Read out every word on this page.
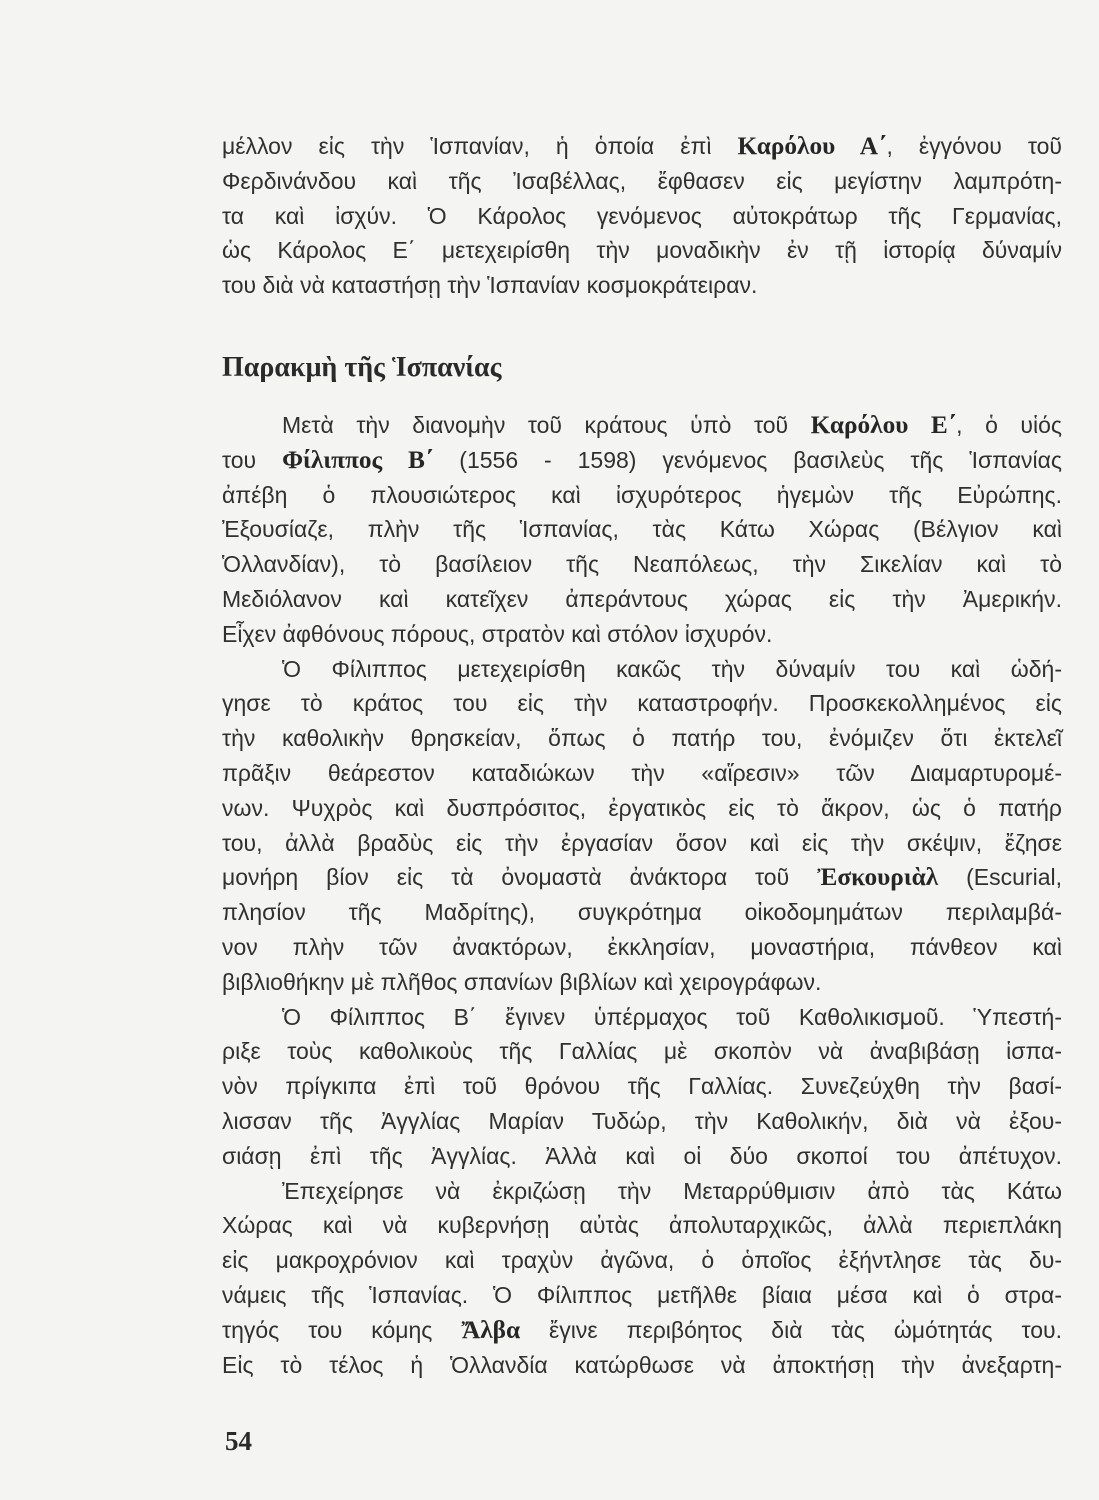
μέλλον εἰς τὴν Ἱσπανίαν, ἡ ὁποία ἐπὶ Καρόλου Α΄, ἐγγόνου τοῦ
Φερδινάνδου καὶ τῆς Ἰσαβέλλας, ἔφθασεν εἰς μεγίστην λαμπρότη-
τα καὶ ἰσχύν. Ὁ Κάρολος γενόμενος αὐτοκράτωρ τῆς Γερμανίας,
ὡς Κάρολος Ε΄ μετεχειρίσθη τὴν μοναδικὴν ἐν τῇ ἱστορίᾳ δύναμίν
του διὰ νὰ καταστήσῃ τὴν Ἱσπανίαν κοσμοκράτειραν.
Παρακμὴ τῆς Ἱσπανίας
Μετὰ τὴν διανομὴν τοῦ κράτους ὑπὸ τοῦ Καρόλου Ε΄, ὁ υἱός
του Φίλιππος Β΄ (1556 - 1598) γενόμενος βασιλεὺς τῆς Ἱσπανίας
ἀπέβη ὁ πλουσιώτερος καὶ ἰσχυρότερος ἡγεμὼν τῆς Εὐρώπης.
Ἐξουσίαζε, πλὴν τῆς Ἱσπανίας, τὰς Κάτω Χώρας (Βέλγιον καὶ
Ὁλλανδίαν), τὸ βασίλειον τῆς Νεαπόλεως, τὴν Σικελίαν καὶ τὸ
Μεδιόλανον καὶ κατεῖχεν ἀπεράντους χώρας εἰς τὴν Ἀμερικήν.
Εἶχεν ἀφθόνους πόρους, στρατὸν καὶ στόλον ἰσχυρόν.
Ὁ Φίλιππος μετεχειρίσθη κακῶς τὴν δύναμίν του καὶ ὡδή-
γησε τὸ κράτος του εἰς τὴν καταστροφήν. Προσκεκολλημένος εἰς
τὴν καθολικὴν θρησκείαν, ὅπως ὁ πατήρ του, ἐνόμιζεν ὅτι ἐκτελεῖ
πρᾶξιν θεάρεστον καταδιώκων τὴν «αἵρεσιν» τῶν Διαμαρτυρομέ-
νων. Ψυχρὸς καὶ δυσπρόσιτος, ἐργατικὸς εἰς τὸ ἄκρον, ὡς ὁ πατήρ
του, ἀλλὰ βραδὺς εἰς τὴν ἐργασίαν ὅσον καὶ εἰς τὴν σκέψιν, ἔζησε
μονήρη βίον εἰς τὰ ὀνομαστὰ ἀνάκτορα τοῦ Ἐσκουριὰλ (Escurial,
πλησίον τῆς Μαδρίτης), συγκρότημα οἰκοδομημάτων περιλαμβά-
νον πλὴν τῶν ἀνακτόρων, ἐκκλησίαν, μοναστήρια, πάνθεον καὶ
βιβλιοθήκην μὲ πλῆθος σπανίων βιβλίων καὶ χειρογράφων.
Ὁ Φίλιππος Β΄ ἔγινεν ὑπέρμαχος τοῦ Καθολικισμοῦ. Ὑπεστή-
ριξε τοὺς καθολικοὺς τῆς Γαλλίας μὲ σκοπὸν νὰ ἀναβιβάσῃ ἱσπα-
νὸν πρίγκιπα ἐπὶ τοῦ θρόνου τῆς Γαλλίας. Συνεζεύχθη τὴν βασί-
λισσαν τῆς Ἀγγλίας Μαρίαν Τυδώρ, τὴν Καθολικήν, διὰ νὰ ἐξου-
σιάσῃ ἐπὶ τῆς Ἀγγλίας. Ἀλλὰ καὶ οἱ δύο σκοποί του ἀπέτυχον.
Ἐπεχείρησε νὰ ἐκριζώσῃ τὴν Μεταρρύθμισιν ἀπὸ τὰς Κάτω
Χώρας καὶ νὰ κυβερνήσῃ αὐτὰς ἀπολυταρχικῶς, ἀλλὰ περιεπλάκη
εἰς μακροχρόνιον καὶ τραχὺν ἀγῶνα, ὁ ὁποῖος ἐξήντλησε τὰς δυ-
νάμεις τῆς Ἱσπανίας. Ὁ Φίλιππος μετῆλθε βίαια μέσα καὶ ὁ στρα-
τηγός του κόμης Ἄλβα ἔγινε περιβόητος διὰ τὰς ὠμότητάς του.
Εἰς τὸ τέλος ἡ Ὁλλανδία κατώρθωσε νὰ ἀποκτήσῃ τὴν ἀνεξαρτη-
54
